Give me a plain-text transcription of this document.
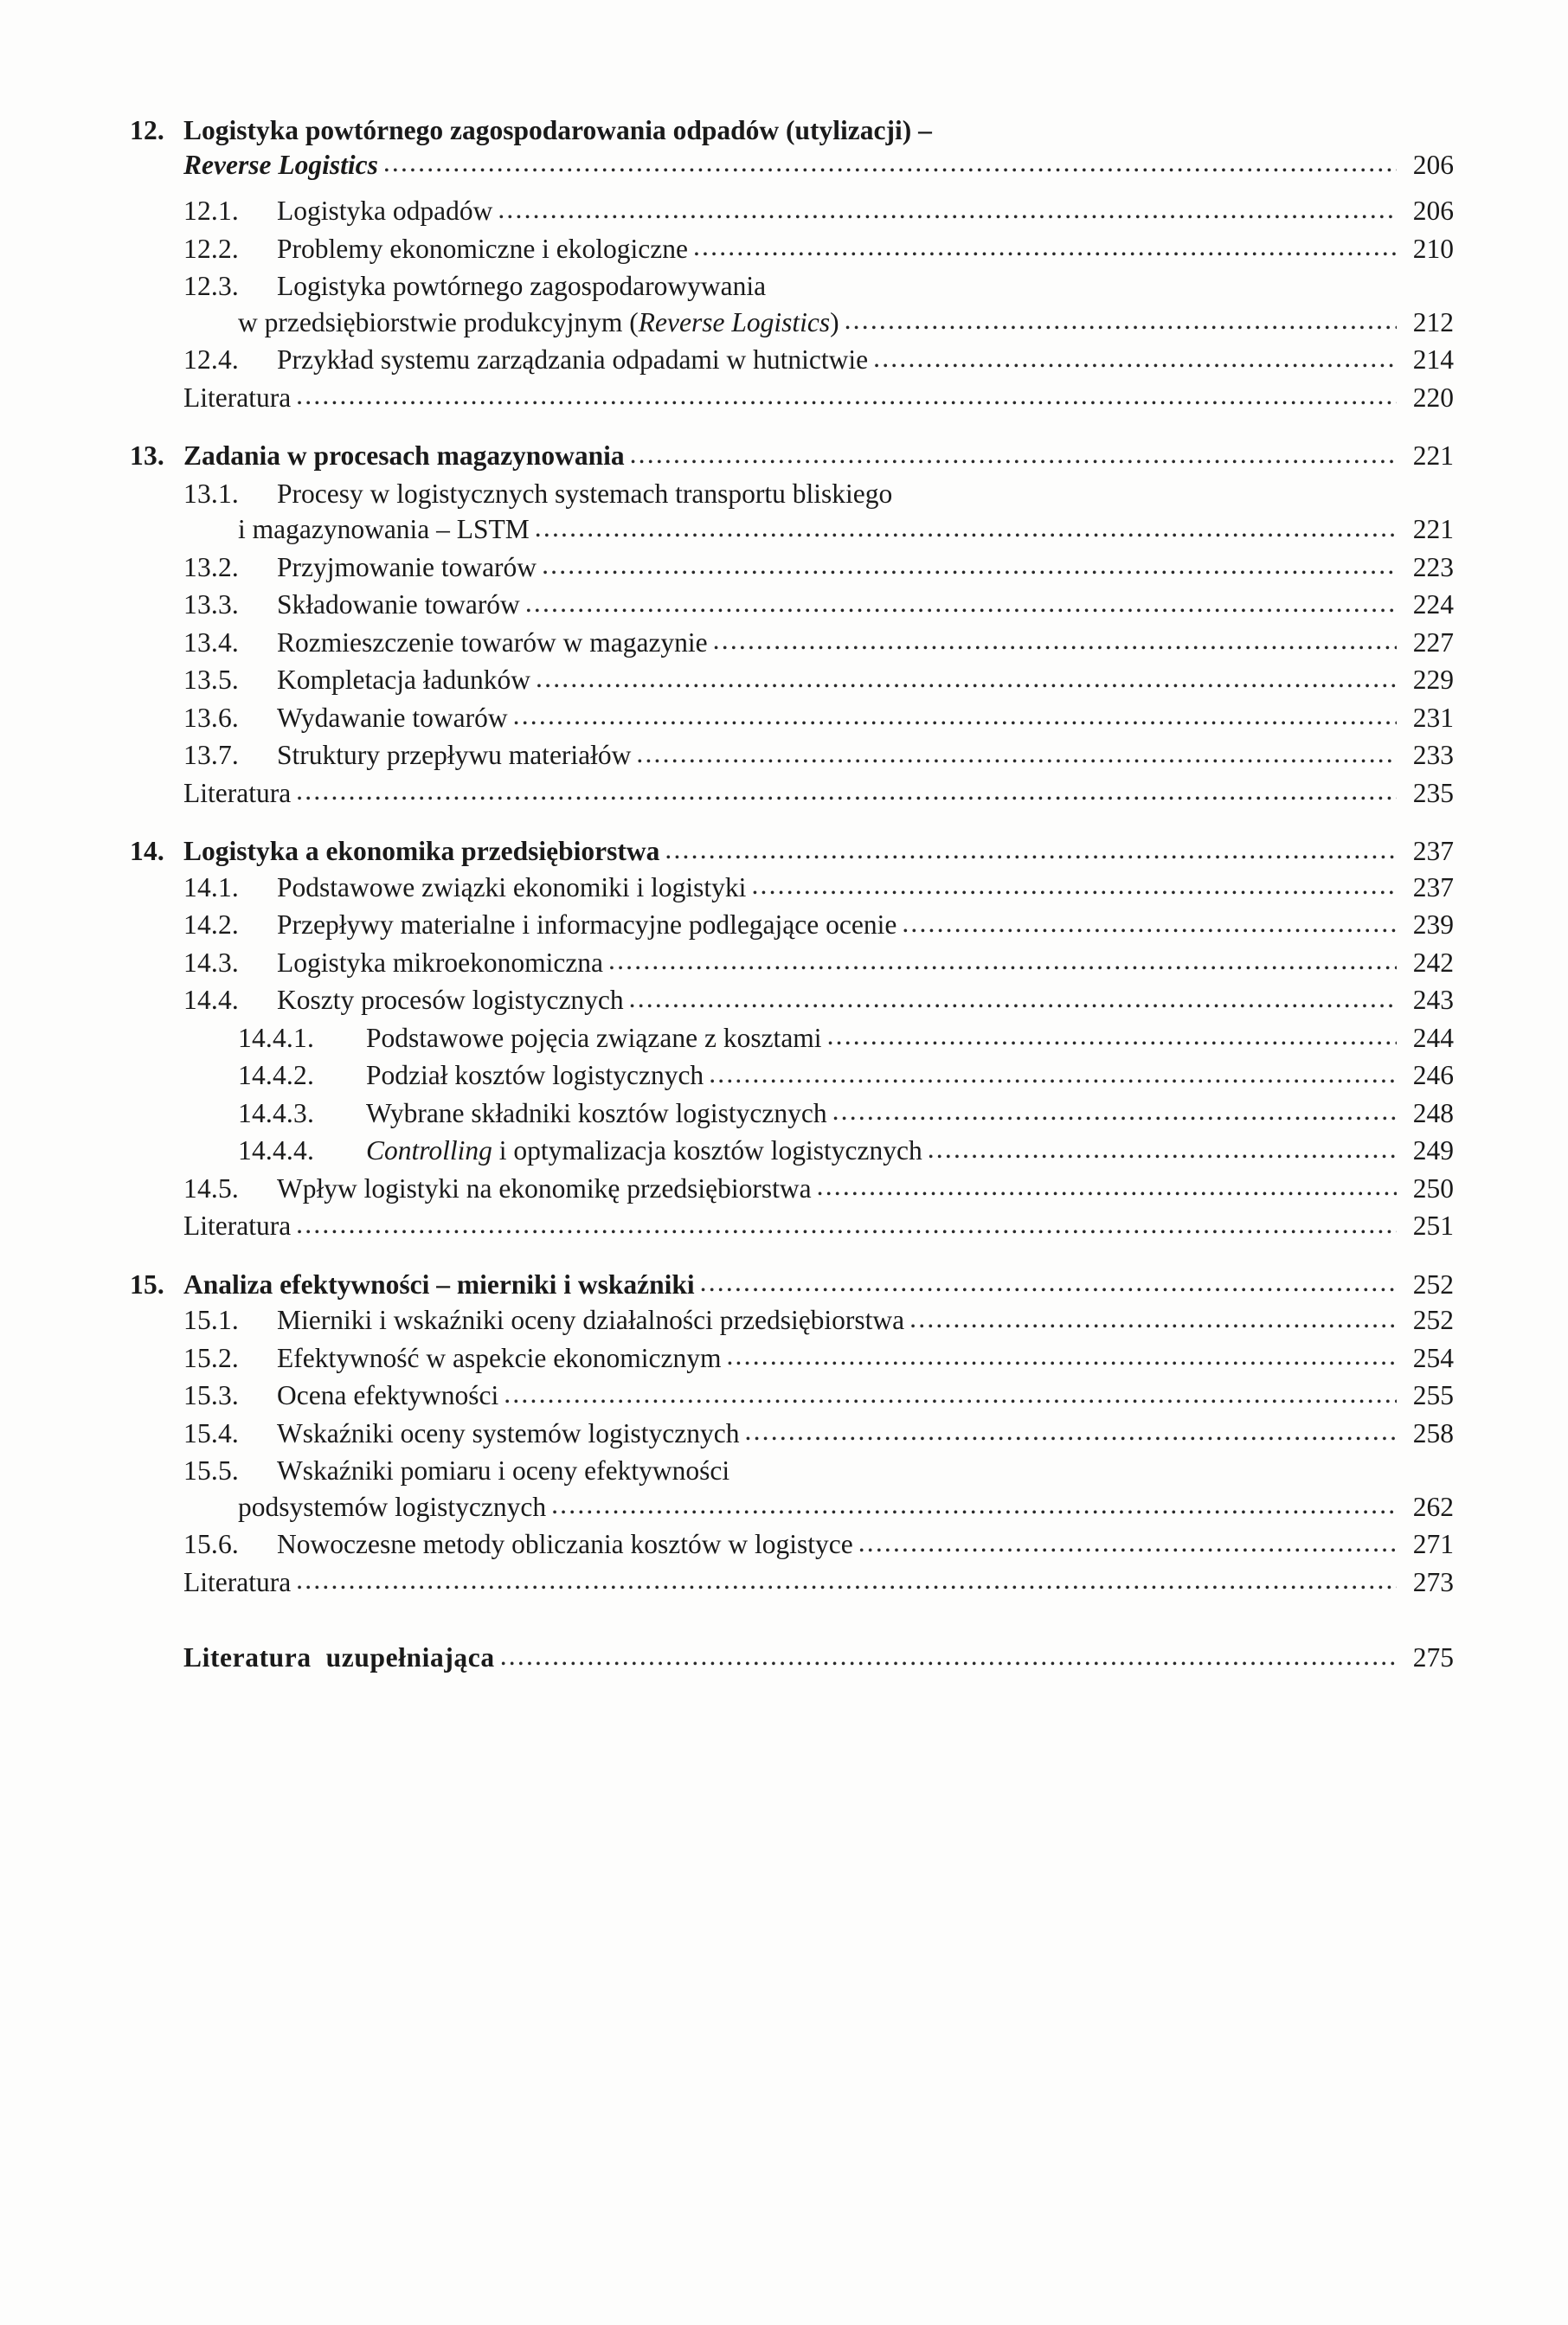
12. Logistyka powtórnego zagospodarowania odpadów (utylizacji) –
Reverse Logistics .....	206
12.1.	Logistyka odpadów .....	206
12.2.	Problemy ekonomiczne i ekologiczne .....	210
12.3.	Logistyka powtórnego zagospodarowywania
w przedsiębiorstwie produkcyjnym ( Reverse Logistics ) .....	212
12.4.	Przykład systemu zarządzania odpadami w hutnictwie .....	214
Literatura .....	220
13. Zadania w procesach magazynowania .....	221
13.1.	Procesy w logistycznych systemach transportu bliskiego
i magazynowania – LSTM .....	221
13.2.	Przyjmowanie towarów .....	223
13.3.	Składowanie towarów .....	224
13.4.	Rozmieszczenie towarów w magazynie .....	227
13.5.	Kompletacja ładunków .....	229
13.6.	Wydawanie towarów .....	231
13.7.	Struktury przepływu materiałów .....	233
Literatura .....	235
14. Logistyka a ekonomika przedsiębiorstwa .....	237
14.1.	Podstawowe związki ekonomiki i logistyki .....	237
14.2.	Przepływy materialne i informacyjne podlegające ocenie .....	239
14.3.	Logistyka mikroekonomiczna .....	242
14.4.	Koszty procesów logistycznych .....	243
14.4.1.	Podstawowe pojęcia związane z kosztami .....	244
14.4.2.	Podział kosztów logistycznych .....	246
14.4.3.	Wybrane składniki kosztów logistycznych .....	248
14.4.4.	Controlling i optymalizacja kosztów logistycznych .....	249
14.5.	Wpływ logistyki na ekonomikę przedsiębiorstwa .....	250
Literatura .....	251
15. Analiza efektywności – mierniki i wskaźniki .....	252
15.1.	Mierniki i wskaźniki oceny działalności przedsiębiorstwa .....	252
15.2.	Efektywność w aspekcie ekonomicznym .....	254
15.3.	Ocena efektywności .....	255
15.4.	Wskaźniki oceny systemów logistycznych .....	258
15.5.	Wskaźniki pomiaru i oceny efektywności
podsystemów logistycznych .....	262
15.6.	Nowoczesne metody obliczania kosztów w logistyce .....	271
Literatura .....	273
Literatura  uzupełniająca .....	275
